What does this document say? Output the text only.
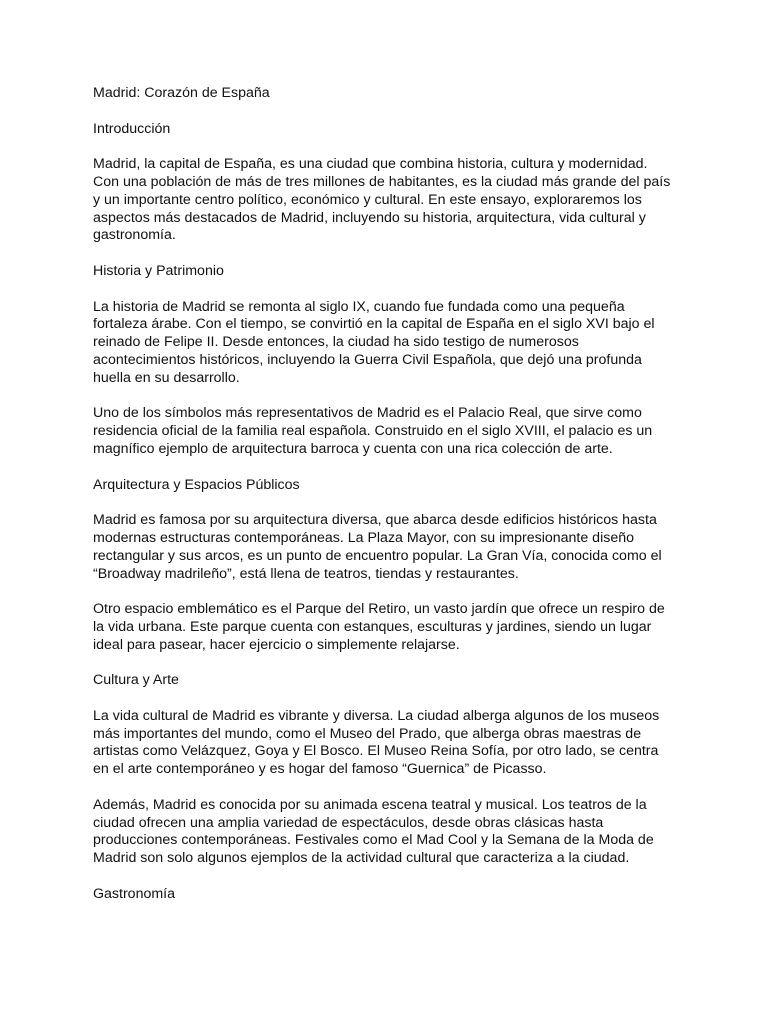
Madrid: Corazón de España
Introducción
Madrid, la capital de España, es una ciudad que combina historia, cultura y modernidad.
Con una población de más de tres millones de habitantes, es la ciudad más grande del país
y un importante centro político, económico y cultural. En este ensayo, exploraremos los
aspectos más destacados de Madrid, incluyendo su historia, arquitectura, vida cultural y
gastronomía.
Historia y Patrimonio
La historia de Madrid se remonta al siglo IX, cuando fue fundada como una pequeña
fortaleza árabe. Con el tiempo, se convirtió en la capital de España en el siglo XVI bajo el
reinado de Felipe II. Desde entonces, la ciudad ha sido testigo de numerosos
acontecimientos históricos, incluyendo la Guerra Civil Española, que dejó una profunda
huella en su desarrollo.
Uno de los símbolos más representativos de Madrid es el Palacio Real, que sirve como
residencia oficial de la familia real española. Construido en el siglo XVIII, el palacio es un
magnífico ejemplo de arquitectura barroca y cuenta con una rica colección de arte.
Arquitectura y Espacios Públicos
Madrid es famosa por su arquitectura diversa, que abarca desde edificios históricos hasta
modernas estructuras contemporáneas. La Plaza Mayor, con su impresionante diseño
rectangular y sus arcos, es un punto de encuentro popular. La Gran Vía, conocida como el
“Broadway madrileño”, está llena de teatros, tiendas y restaurantes.
Otro espacio emblemático es el Parque del Retiro, un vasto jardín que ofrece un respiro de
la vida urbana. Este parque cuenta con estanques, esculturas y jardines, siendo un lugar
ideal para pasear, hacer ejercicio o simplemente relajarse.
Cultura y Arte
La vida cultural de Madrid es vibrante y diversa. La ciudad alberga algunos de los museos
más importantes del mundo, como el Museo del Prado, que alberga obras maestras de
artistas como Velázquez, Goya y El Bosco. El Museo Reina Sofía, por otro lado, se centra
en el arte contemporáneo y es hogar del famoso “Guernica” de Picasso.
Además, Madrid es conocida por su animada escena teatral y musical. Los teatros de la
ciudad ofrecen una amplia variedad de espectáculos, desde obras clásicas hasta
producciones contemporáneas. Festivales como el Mad Cool y la Semana de la Moda de
Madrid son solo algunos ejemplos de la actividad cultural que caracteriza a la ciudad.
Gastronomía
